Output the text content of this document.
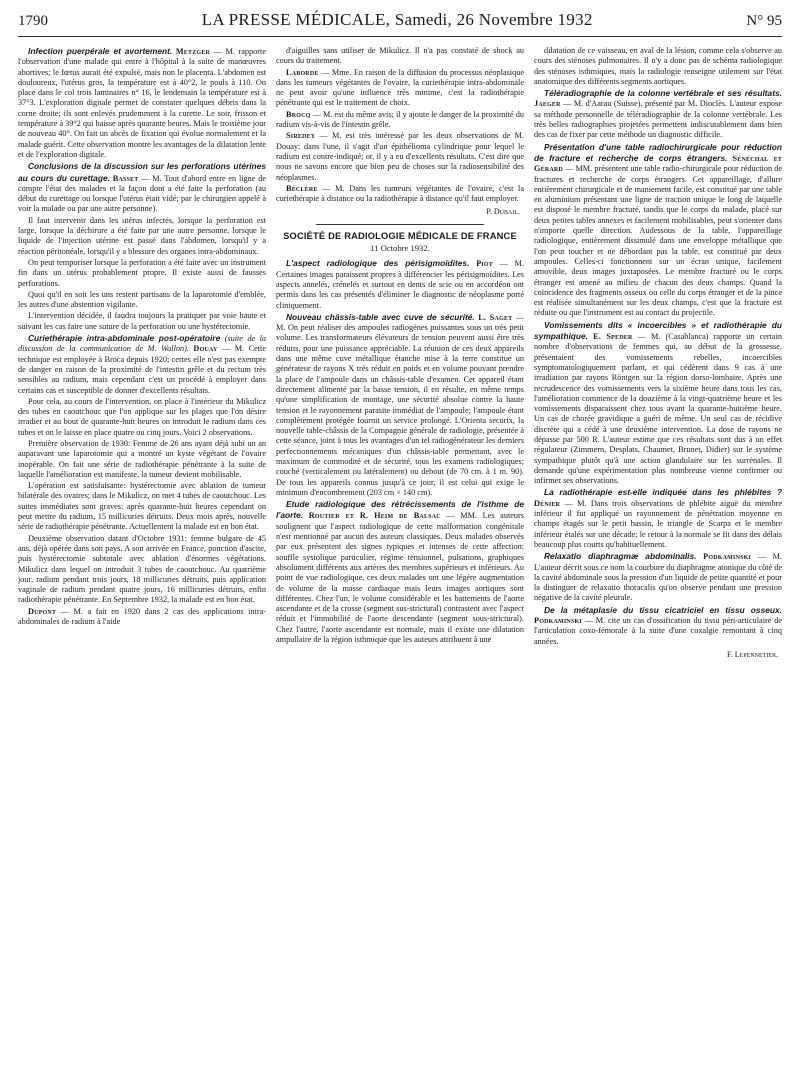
1790	LA PRESSE MÉDICALE, Samedi, 26 Novembre 1932	N° 95

Infection puerpérale et avortement. Metzger — M. rapporte l'observation d'une malade qui entre à l'hôpital à la suite de manœuvres abortives; le fœtus aurait été expulsé, mais non le placenta. L'abdomen est douloureux, l'utérus gros, la température est à 40°2, le pouls à 110. On place dans le col trois laminaires n° 16, le lendemain la température est à 37°3. L'exploration digitale permet de constater quelques débris dans la corne droite; ils sont enlevés prudemment à la curette. Le soir, frisson et température à 39°2 qui baisse après quarante heures. Mais le troisième jour de nouveau 40°. On fait un abcès de fixation qui évolue normalement et la malade guérit. Cette observation montre les avantages de la dilatation lente et de l'exploration digitale.

Conclusions de la discussion sur les perforations utérines au cours du curettage. Basset — M. Tout d'abord entre en ligne de compte l'état des malades et la façon dont a été faite la perforation (au début du curettage ou lorsque l'utérus était vidé; par le chirurgien appelé à voir la malade ou par une autre personne).

Il faut intervenir dans les utérus infectés, lorsque la perforation est large, lorsque la déchirure a été faite par une autre personne, lorsque le liquide de l'injection utérine est passé dans l'abdomen, lorsqu'il y a réaction péritonéale, lorsqu'il y a blessure des organes intra-abdominaux.

On peut temporiser lorsque la perforation a été faite avec un instrument fin dans un utérus probablement propre. Il existe aussi de fausses perforations.

Quoi qu'il en soit les uns restent partisans de la laparotomie d'emblée, les autres d'une abstention vigilante.

L'intervention décidée, il faudra toujours la pratiquer par voie haute et suivant les cas faire une suture de la perforation ou une hystérectomie.

Curiethérapie intra-abdominale post-opératoire (suite de la discussion de la communication de M. Wallon). Douay — M. Cette technique est employée à Broca depuis 1920; certes elle n'est pas exempte de danger en raison de la proximité de l'intestin grêle et du rectum très sensibles au radium, mais cependant c'est un procédé à employer dans certains cas et susceptible de donner d'excellents résultats.

Pour cela, au cours de l'intervention, on place à l'intérieur du Mikulicz des tubes en caoutchouc que l'on applique sur les plages que l'on désire irradier et au bout de quarante-huit heures on introduit le radium dans ces tubes et on le laisse en place quatre ou cinq jours. Voici 2 observations.

Première observation de 1930: Femme de 26 ans ayant déjà subi un an auparavant une laparotomie qui a montré un kyste végétant de l'ovaire inopérable. On fait une série de radiothérapie pénétrante à la suite de laquelle l'amélioration est manifeste, la tumeur devient mobilisable.

L'opération est satisfaisante: hystérectomie avec ablation de tumeur bilatérale des ovaires; dans le Mikulicz, on met 4 tubes de caoutchouc. Les suites immédiates sont graves: après quarante-huit heures cependant on peut mettre du radium, 15 millicuries détruits. Deux mois après, nouvelle série de radiothérapie pénétrante. Actuellement la malade est en bon état.

Deuxième observation datant d'Octobre 1931: femme bulgare de 45 ans, déjà opérée dans son pays. A son arrivée en France, ponction d'ascite, puis hystérectomie subtotale avec ablation d'énormes végétations. Mikulicz dans lequel on introduit 3 tubes de caoutchouc. Au quatrième jour, radium pendant trois jours, 18 millicuries détruits, puis application vaginale de radium pendant quatre jours, 16 millicuries détruits, enfin radiothérapie pénétrante. En Septembre 1932, la malade est en bon état.

Dupont — M. a fait en 1920 dans 2 cas des applications intra-abdominales de radium à l'aide

d'aiguilles sans utiliser de Mikulicz. Il n'a pas constaté de shock au cours du traitement.

Laborde — Mme. En raison de la diffusion du processus néoplasique dans les tumeurs végétantes de l'ovaire, la curiethérapie intra-abdominale ne peut avoir qu'une influence très minime, c'est la radiothérapie pénétrante qui est le traitement de choix.

Brocq — M. est du même avis; il y ajoute le danger de la proximité du radium vis-à-vis de l'intestin grêle.

Siredey — M. est très intéressé par les deux observations de M. Douay: dans l'une, il s'agit d'un épithélioma cylindrique pour lequel le radium est contre-indiqué; or, il y a eu d'excellents résultats. C'est dire que nous ne savons encore que bien peu de choses sur la radiosensibilité des néoplasmes.

Béclère — M. Dans les tumeurs végétantes de l'ovaire, c'est la curiethérapie à distance ou la radiothérapie à distance qu'il faut employer.

P. Dubail.
SOCIÉTÉ DE RADIOLOGIE MÉDICALE DE FRANCE
11 Octobre 1932.

L'aspect radiologique des périsigmoïdites. Piot — M. Certaines images paraissent propres à différencier les périsigmoïdites. Les aspects annelés, crénelés et surtout en dents de scie ou en accordéon ont permis dans les cas présentés d'éliminer le diagnostic de néoplasme porté cliniquement.

Nouveau châssis-table avec cuve de sécurité. L. Saget — M. On peut réaliser des ampoules radiogènes puissantes sous un très petit volume. Les transformateurs élévateurs de tension peuvent aussi être très réduits, pour une puissance appréciable. La réunion de ces deux appareils dans une même cuve métallique étanche mise à la terre constitue un générateur de rayons X très réduit en poids et en volume pouvant prendre la place de l'ampoule dans un châssis-table d'examen. Cet appareil étant directement alimenté par la basse tension, il en résulte, en même temps qu'une simplification de montage, une sécurité absolue contre la haute tension et le rayonnement parasite immédiat de l'ampoule; l'ampoule étant complètement protégée fournit un service prolongé. L'Orienta securix, la nouvelle table-châssis de la Compagnie générale de radiologie, présentée à cette séance, joint à tous les avantages d'un tel radiogénérateur les derniers perfectionnements mécaniques d'un châssis-table permettant, avec le maximum de commodité et de sécurité, tous les examens radiologiques; couché (verticalement ou latéralement) ou debout (de 70 cm. à 1 m. 90). De tous les appareils connus jusqu'à ce jour, il est celui qui exige le minimum d'encombrement (203 cm × 140 cm).

Etude radiologique des rétrécissements de l'isthme de l'aorte. Routier et R. Heim de Balsac — MM. Les auteurs soulignent que l'aspect radiologique de cette malformation congénitale n'est mentionné par aucun des auteurs classiques. Deux malades observés par eux présentent des signes typiques et intenses de cette affection: souffle systolique particulier, régime tensionnel, pulsations, graphiques absolument différents aux artères des membres supérieurs et inférieurs. Au point de vue radiologique, ces deux malades ont une légère augmentation de volume de la masse cardiaque mais leurs images aortiques sont différentes. Chez l'un, le volume considérable et les battements de l'aorte ascendante et de la crosse (segment sus-strictural) contrastent avec l'aspect réduit et l'immobilité de l'aorte descendante (segment sous-strictural). Chez l'autre, l'aorte ascendante est normale, mais il existe une dilatation ampullaire de la région isthmique que les auteurs attribuent à une

dilatation de ce vaisseau, en aval de la lésion, comme cela s'observe au cours des sténoses pulmonaires. Il n'y a donc pas de schéma radiologique des sténoses isthmiques, mais la radiologie renseigne utilement sur l'état anatomique des différents segments aortiques.

Téléradiographie de la colonne vertébrale et ses résultats. Jaeger — M. d'Aarau (Suisse), présenté par M. Dioclès. L'auteur expose sa méthode personnelle de téléradiographie de la colonne vertébrale. Les très belles radiographies projetées permettent indiscutablement dans bien des cas de fixer par cette méthode un diagnostic difficile.

Présentation d'une table radiochirurgicale pour réduction de fracture et recherche de corps étrangers. Sénéchal et Gérard — MM. présentent une table radio-chirurgicale pour réduction de fractures et recherche de corps étrangers. Cet appareillage, d'allure entièrement chirurgicale et de maniement facile, est constitué par une table en aluminium présentant une ligne de traction unique le long de laquelle est disposé le membre fracturé, tandis que le corps du malade, placé sur deux petites tables annexes et facilement mobilisables, peut s'orienter dans n'importe quelle direction. Audessous de la table, l'appareillage radiologique, entièrement dissimulé dans une enveloppe métallique que l'on peut toucher et ne débordant pas la table, est constitué par deux ampoules. Celles-ci fonctionnent sur un écran unique, facilement amovible, deux images juxtaposées. Le membre fracturé ou le corps étranger est amené au milieu de chacun des deux champs. Quand la coïncidence des fragments osseux ou celle du corps étranger et de la pince est réalisée simultanément sur les deux champs, c'est que la fracture est réduite ou que l'instrument est au contact du projectile.

Vomissements dits « incoercibles » et radiothérapie du sympathique. E. Speder — M. (Casablanca) rapporte un certain nombre d'observations de femmes qui, au début de la grossesse, présentaient des vomissements rebelles, incoercibles symptomatologiquement parlant, et qui cédèrent dans 9 cas à une irradiation par rayons Röntgen sur la région dorso-lombaire. Après une recrudescence des vomissements vers la sixième heure dans tous les cas, l'amélioration commence de la douzième à la vingt-quatrième heure et les vomissements disparaissent chez tous avant la quarante-huitième heure. Un cas de chorée gravidique a guéri de même. Un seul cas de récidive discrète qui a cédé à une deuxième intervention. La dose de rayons ne dépasse par 500 R. L'auteur estime que ces résultats sont dus à un effet régulateur (Zimmern, Desplats, Chaumet, Brunet, Didier) sur le système sympathique plutôt qu'à une action glandulaire sur les surrénales. Il demande qu'une expérimentation plus nombreuse vienne confirmer ou infirmer ses observations.

La radiothérapie est-elle indiquée dans les phlébites ? Dénier — M. Dans trois observations de phlébite aiguë du membre inférieur il fut appliqué un rayonnement de pénétration moyenne en champs étagés sur le petit bassin, le triangle de Scarpa et le membre inférieur étalés sur une décade; le retour à la normale se fit dans des délais beaucoup plus courts qu'habituellement.

Relaxatio diaphragmæ abdominalis. Podkaminski — M. L'auteur décrit sous ce nom la courbure du diaphragme atonique du côté de la cavité abdominale sous la pression d'un liquide de petite quantité et pour la distinguer de relaxatio thoracalis qu'on observe pendant une pression négative de la cavité pleurale.

De la métaplasie du tissu cicatriciel en tissu osseux. Podkaminski — M. cite un cas d'ossification du tissu péri-articulaire de l'articulation coxo-fémorale à la suite d'une coxalgie remontant à cinq années.

F. Lepennetier.
